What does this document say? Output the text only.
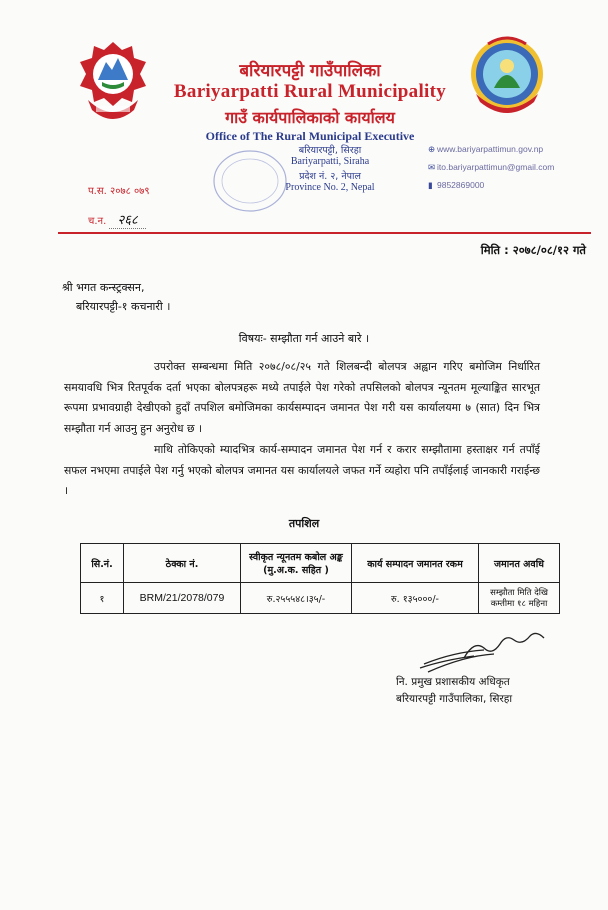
बरियारपट्टी गाउँपालिका
Bariyarpatti Rural Municipality
गाउँ कार्यपालिकाको कार्यालय
Office of The Rural Municipal Executive
बरियारपट्टी, सिरहा
Bariyarpatti, Siraha
प्रदेश नं. २, नेपाल
Province No. 2, Nepal
⊕ www.bariyarpattimun.gov.np
✉ ito.bariyarpattimun@gmail.com
▮ 9852869000
प.स. २०७८ ०७९
च.न. २६८
मिति : २०७८/०८/१२ गते
श्री भगत कन्स्ट्रक्सन,
बरियारपट्टी-१ कचनारी ।
विषयः- सम्झौता गर्न आउने बारे ।
उपरोक्त सम्बन्धमा मिति २०७८/०८/२५ गते शिलबन्दी बोलपत्र अह्वान गरिए बमोजिम निर्धारित समयावधि भित्र रितपूर्वक दर्ता भएका बोलपत्रहरू मध्ये तपाईले पेश गरेको तपसिलको बोलपत्र न्यूनतम मूल्याङ्कित सारभूत रूपमा प्रभावग्राही देखीएको हुदाँ तपशिल बमोजिमका कार्यसम्पादन जमानत पेश गरी यस कार्यालयमा ७ (सात) दिन भित्र सम्झौता गर्न आउनु हुन अनुरोध छ ।
माथि तोकिएको म्यादभित्र कार्य-सम्पादन जमानत पेश गर्न र करार सम्झौतामा हस्ताक्षर गर्न तपाँई सफल नभएमा तपाईले पेश गर्नु भएको बोलपत्र जमानत यस कार्यालयले जफत गर्ने व्यहोरा पनि तपाँईलाई जानकारी गराईन्छ ।
तपशिल
सि.नं.	ठेक्का नं.	स्वीकृत न्यूनतम कबोल अङ्क (मु.अ.क. सहित )	कार्य सम्पादन जमानत रकम	जमानत अवधि
१	BRM/21/2078/079	रु.२५५५४८।३५/-	रु. १३५०००/-	सम्झौता मिति देखि कम्तीमा १८ महिना
नि. प्रमुख प्रशासकीय अधिकृत
बरियारपट्टी गाउँपालिका, सिरहा
